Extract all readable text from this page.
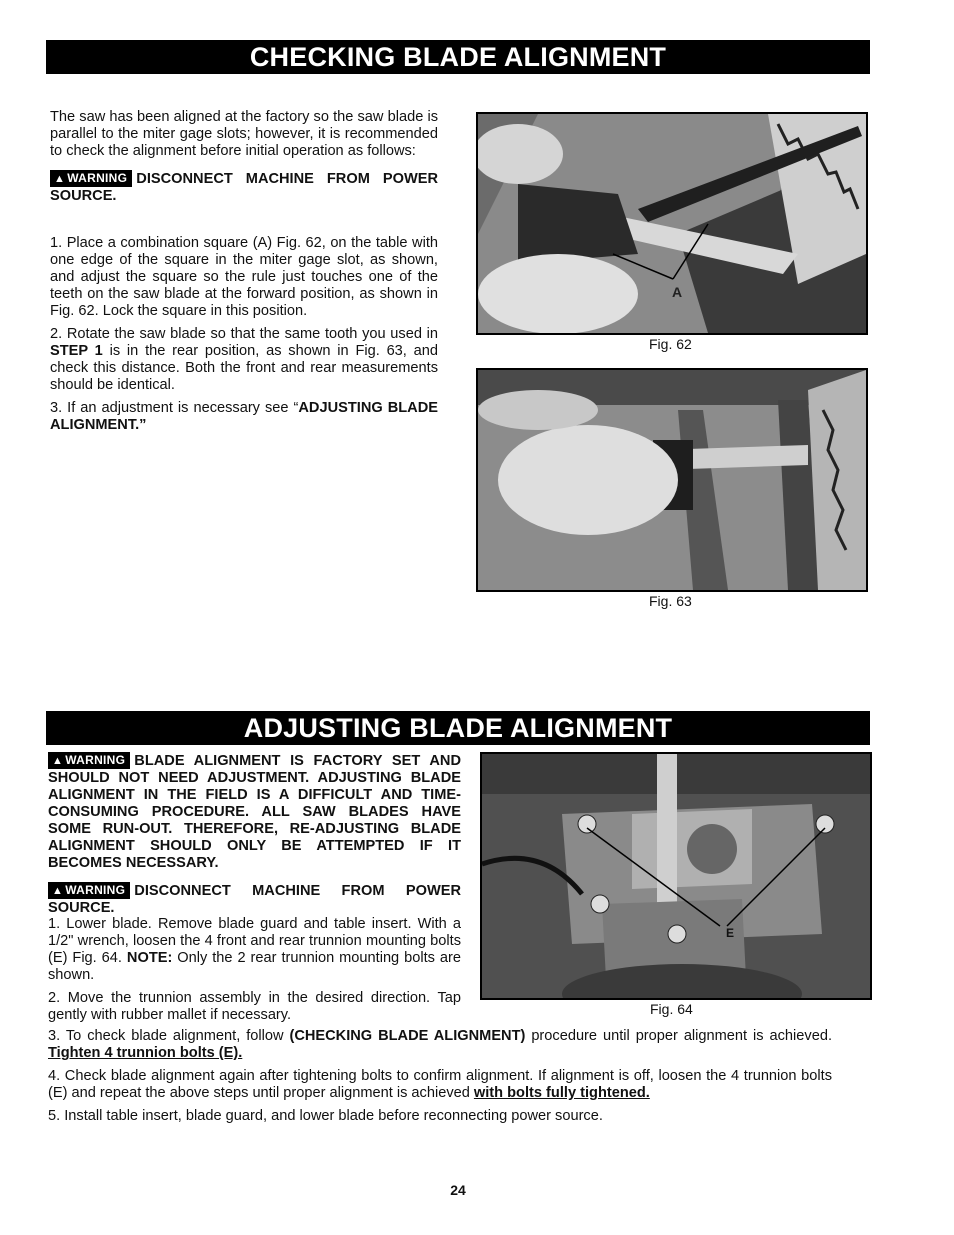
CHECKING BLADE ALIGNMENT

The saw has been aligned at the factory so the saw blade is parallel to the miter gage slots; however, it is recommended to check the alignment before initial operation as follows:

▲ WARNING DISCONNECT MACHINE FROM POWER SOURCE.

1. Place a combination square (A) Fig. 62, on the table with one edge of the square in the miter gage slot, as shown, and adjust the square so the rule just touches one of the teeth on the saw blade at the forward position, as shown in Fig. 62. Lock the square in this position.

2. Rotate the saw blade so that the same tooth you used in STEP 1 is in the rear position, as shown in Fig. 63, and check this distance. Both the front and rear measurements should be identical.

3. If an adjustment is necessary see “ADJUSTING BLADE ALIGNMENT.”

A
Fig. 62
Fig. 63
ADJUSTING BLADE ALIGNMENT

▲ WARNING BLADE ALIGNMENT IS FACTORY SET AND SHOULD NOT NEED ADJUSTMENT. ADJUSTING BLADE ALIGNMENT IN THE FIELD IS A DIFFICULT AND TIME-CONSUMING PROCEDURE. ALL SAW BLADES HAVE SOME RUN-OUT. THEREFORE, RE-ADJUSTING BLADE ALIGNMENT SHOULD ONLY BE ATTEMPTED IF IT BECOMES NECESSARY.

▲ WARNING DISCONNECT MACHINE FROM POWER SOURCE.

1. Lower blade. Remove blade guard and table insert. With a 1/2" wrench, loosen the 4 front and rear trunnion mounting bolts (E) Fig. 64. NOTE: Only the 2 rear trunnion mounting bolts are shown.

2. Move the trunnion assembly in the desired direction. Tap gently with rubber mallet if necessary.

E
Fig. 64

3. To check blade alignment, follow (CHECKING BLADE ALIGNMENT) procedure until proper alignment is achieved. Tighten 4 trunnion bolts (E).

4. Check blade alignment again after tightening bolts to confirm alignment. If alignment is off, loosen the 4 trunnion bolts (E) and repeat the above steps until proper alignment is achieved with bolts fully tightened.

5. Install table insert, blade guard, and lower blade before reconnecting power source.

24
